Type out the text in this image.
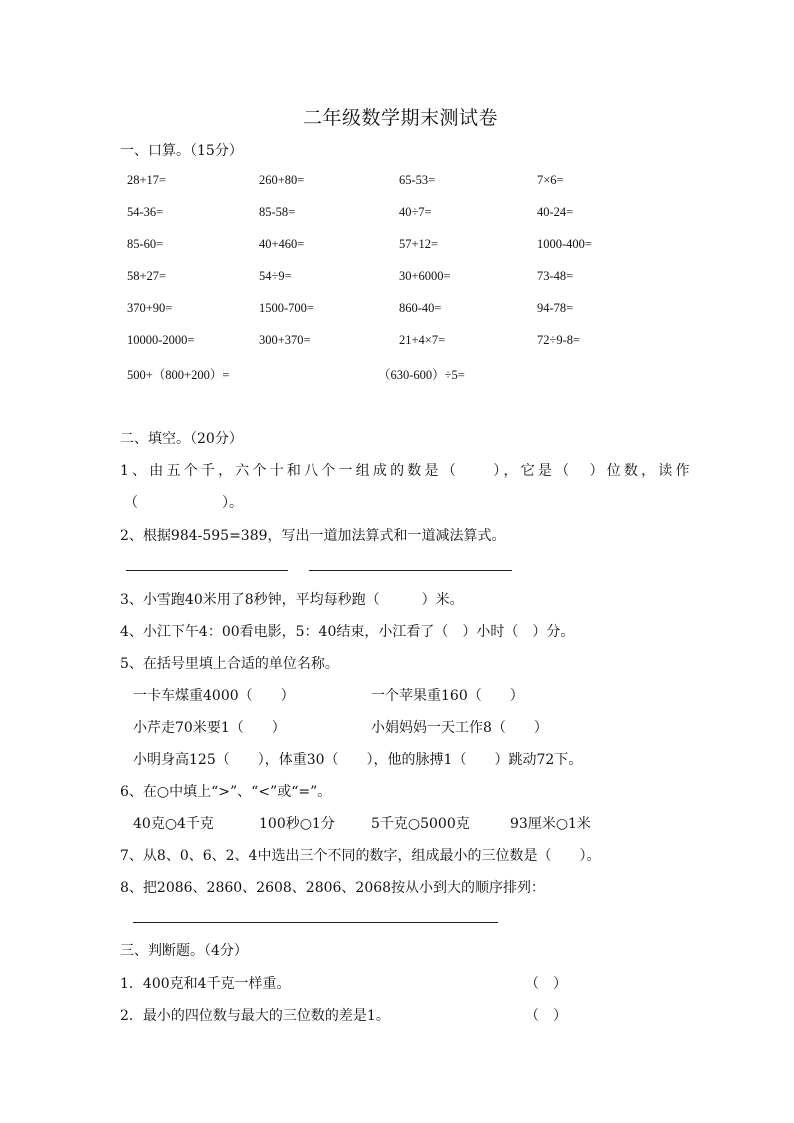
二年级数学期末测试卷
一、口算。（15分）
28+17=	260+80=	65-53=	7×6=
54-36=	85-58=	40÷7=	40-24=
85-60=	40+460=	57+12=	1000-400=
58+27=	54÷9=	30+6000=	73-48=
370+90=	1500-700=	860-40=	94-78=
10000-2000=	300+370=	21+4×7=	72÷9-8=
500+（800+200）=	（630-600）÷5=
二、填空。（20分）
1、由五个千，六个十和八个一组成的数是（　　），它是（　）位数，读作
（　　　　　　）。
2、根据984-595=389，写出一道加法算式和一道减法算式。
3、小雪跑40米用了8秒钟，平均每秒跑（　　　）米。
4、小江下午4：00看电影，5：40结束，小江看了（　）小时（　）分。
5、在括号里填上合适的单位名称。
一卡车煤重4000（　　）	一个苹果重160（　　）
小芹走70米要1（　　）	小娟妈妈一天工作8（　　）
小明身高125（　　），体重30（　　），他的脉搏1（　　）跳动72下。
6、在○中填上“>”、“<”或“=”。
40克○4千克	100秒○1分	5千克○5000克	93厘米○1米
7、从8、0、6、2、4中选出三个不同的数字，组成最小的三位数是（　　）。
8、把2086、2860、2608、2806、2068按从小到大的顺序排列：
三、判断题。（4分）
1．400克和4千克一样重。	（　）
2．最小的四位数与最大的三位数的差是1。	（　）
